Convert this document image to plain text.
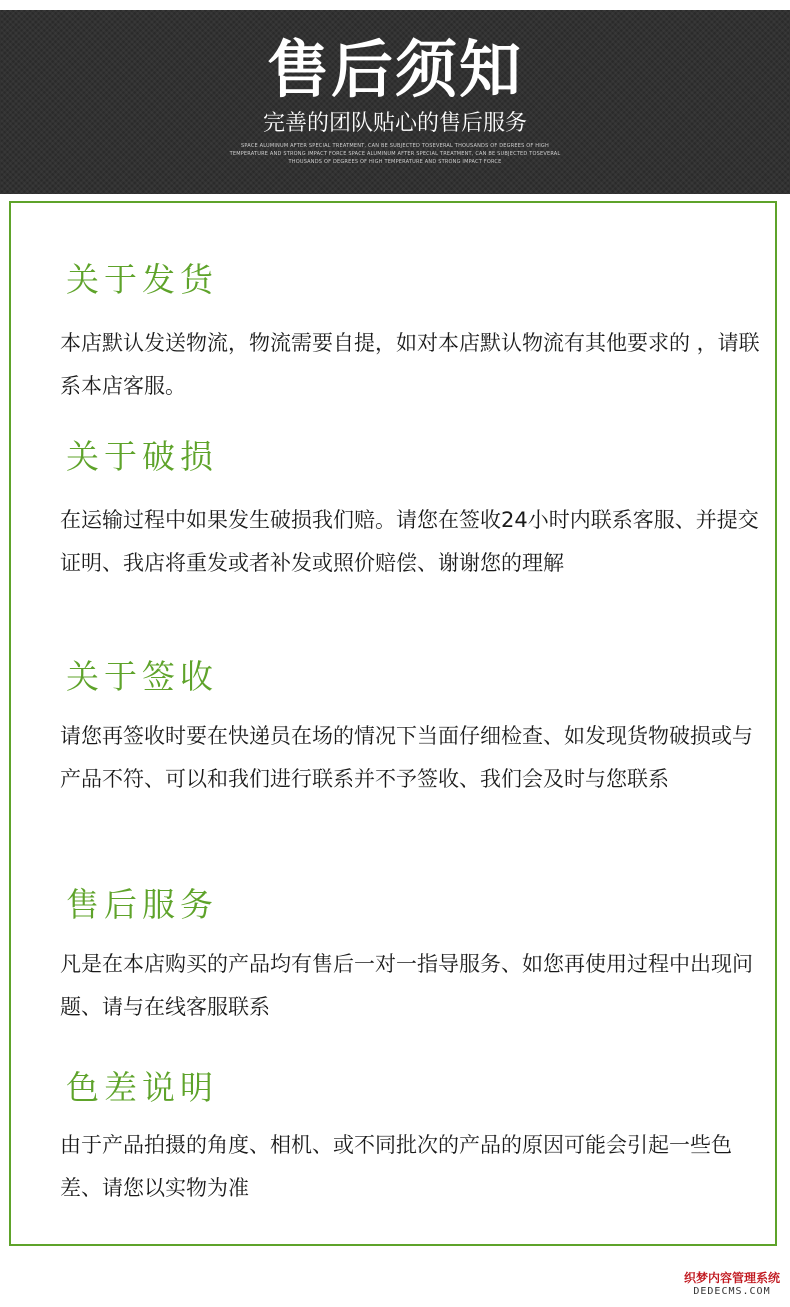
售后须知
完善的团队贴心的售后服务
SPACE ALUMINUM AFTER SPECIAL TREATMENT, CAN BE SUBJECTED TOSEVERAL THOUSANDS OF DEGREES OF HIGH TEMPERATURE AND STRONG IMPACT FORCE SPACE ALUMINUM AFTER SPECIAL TREATMENT, CAN BE SUBJECTED TOSEVERAL THOUSANDS OF DEGREES OF HIGH TEMPERATURE AND STRONG IMPACT FORCE
关于发货
本店默认发送物流，物流需要自提，如对本店默认物流有其他要求的 ，请联系本店客服。
关于破损
在运输过程中如果发生破损我们赔。请您在签收24小时内联系客服、并提交证明、我店将重发或者补发或照价赔偿、谢谢您的理解
关于签收
请您再签收时要在快递员在场的情况下当面仔细检查、如发现货物破损或与产品不符、可以和我们进行联系并不予签收、我们会及时与您联系
售后服务
凡是在本店购买的产品均有售后一对一指导服务、如您再使用过程中出现问题、请与在线客服联系
色差说明
由于产品拍摄的角度、相机、或不同批次的产品的原因可能会引起一些色差、请您以实物为准
织梦内容管理系统
DEDECMS.COM
